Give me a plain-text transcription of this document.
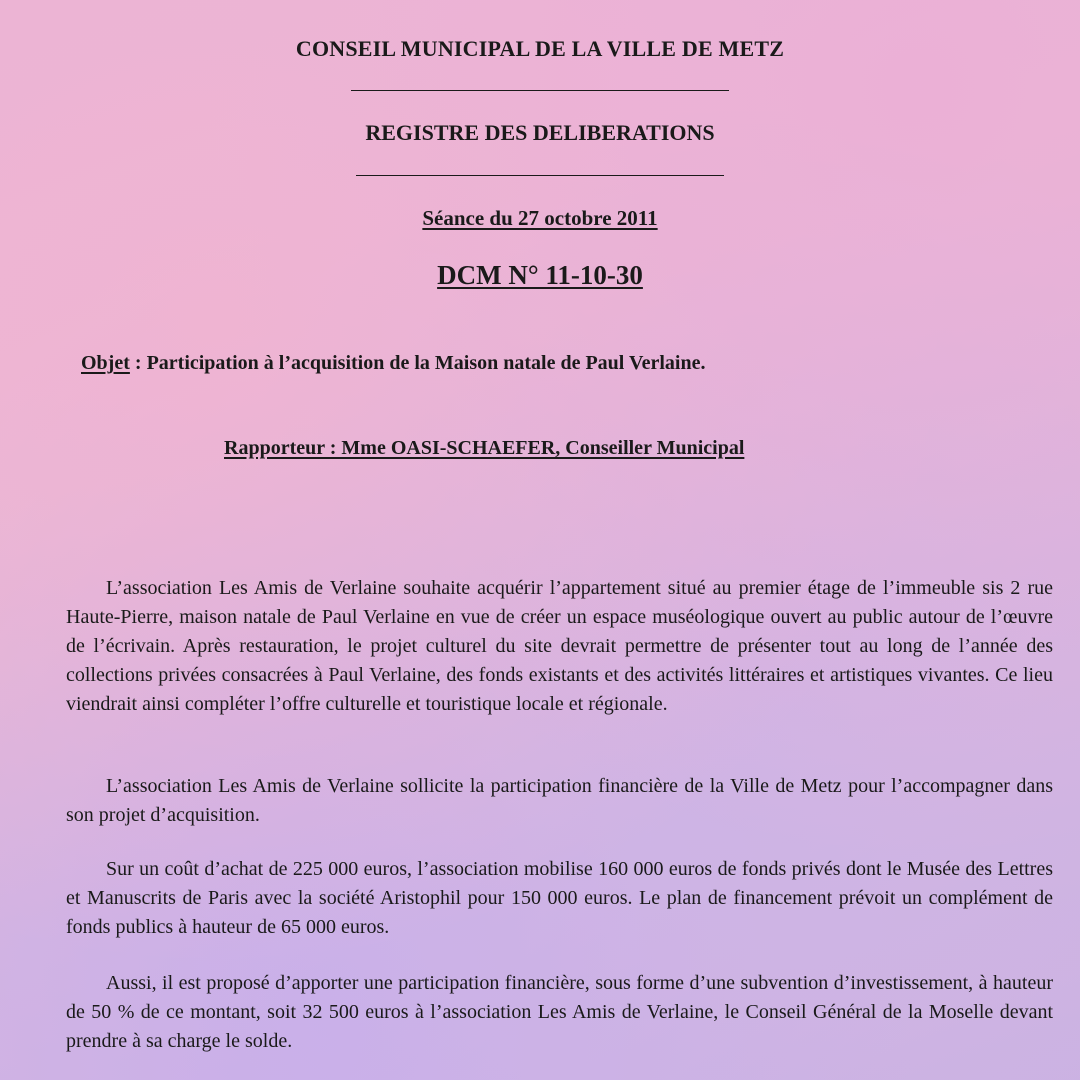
CONSEIL MUNICIPAL DE LA VILLE DE METZ
REGISTRE DES DELIBERATIONS
Séance du 27 octobre 2011
DCM N° 11-10-30
Objet : Participation à l’acquisition de la Maison natale de Paul Verlaine.
Rapporteur : Mme OASI-SCHAEFER, Conseiller Municipal

L’association Les Amis de Verlaine souhaite acquérir l’appartement situé au premier étage de l’immeuble sis 2 rue Haute-Pierre, maison natale de Paul Verlaine en vue de créer un espace muséologique ouvert au public autour de l’œuvre de l’écrivain. Après restauration, le projet culturel du site devrait permettre de présenter tout au long de l’année des collections privées consacrées à Paul Verlaine, des fonds existants et des activités littéraires et artistiques vivantes. Ce lieu viendrait ainsi compléter l’offre culturelle et touristique locale et régionale.

L’association Les Amis de Verlaine sollicite la participation financière de la Ville de Metz pour l’accompagner dans son projet d’acquisition.

Sur un coût d’achat de 225 000 euros, l’association mobilise 160 000 euros de fonds privés dont le Musée des Lettres et Manuscrits de Paris avec la société Aristophil pour 150 000 euros. Le plan de financement prévoit un complément de fonds publics à hauteur de 65 000 euros.

Aussi, il est proposé d’apporter une participation financière, sous forme d’une subvention d’investissement, à hauteur de 50 % de ce montant, soit 32 500 euros à l’association Les Amis de Verlaine, le Conseil Général de la Moselle devant prendre à sa charge le solde.
